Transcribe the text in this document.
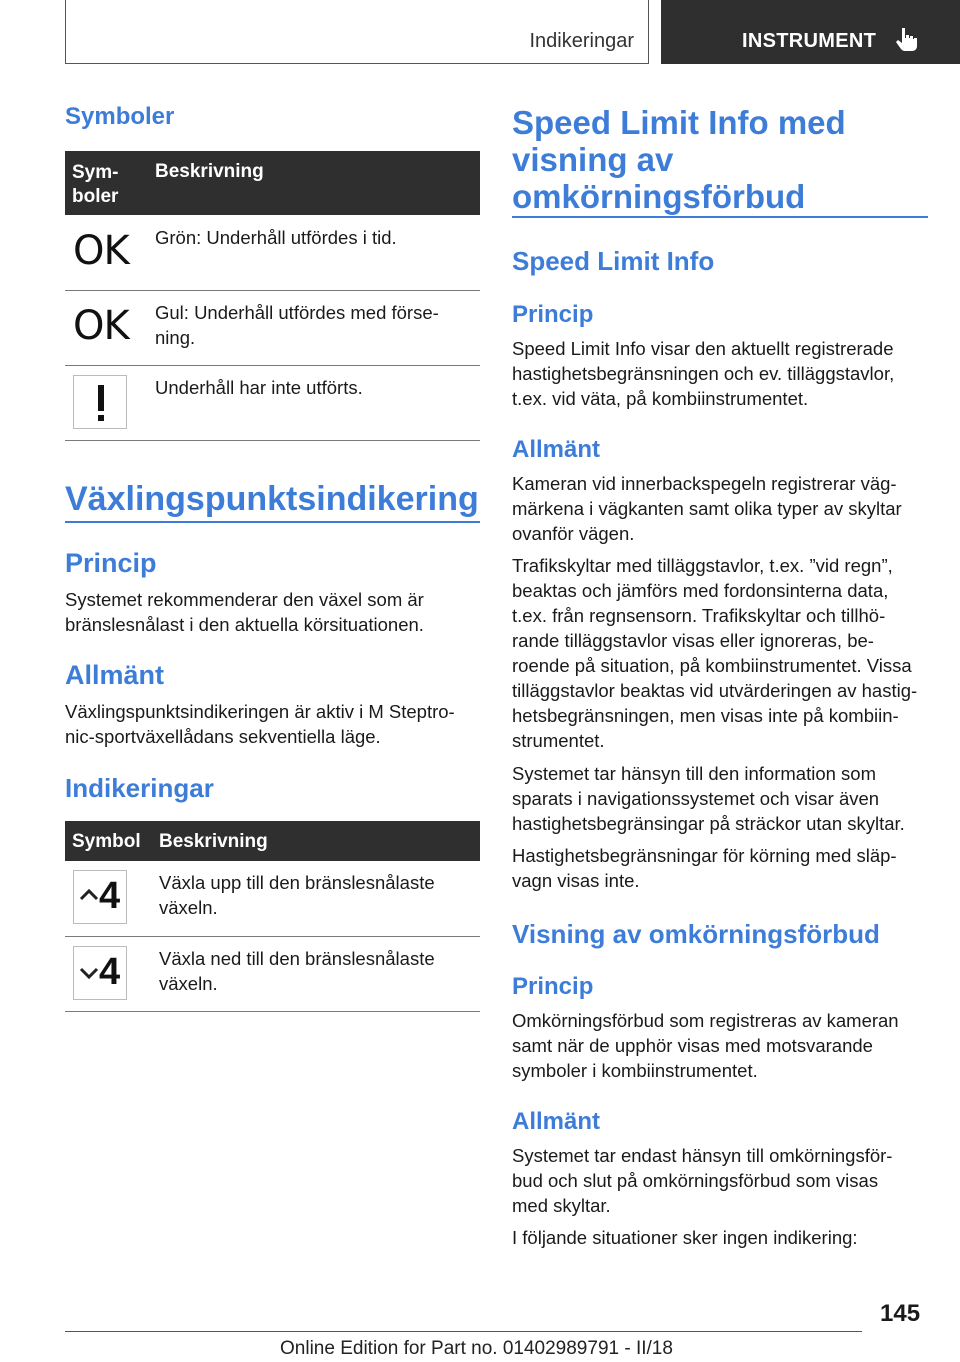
Indikeringar	INSTRUMENT
Symboler
Sym-
boler
Beskrivning
OK Grön: Underhåll utfördes i tid.
OK Gul: Underhåll utfördes med förse-
ning.
Underhåll har inte utförts.
Växlingspunktsindikering
Princip
Systemet rekommenderar den växel som är
bränslesnålast i den aktuella körsituationen.
Allmänt
Växlingspunktsindikeringen är aktiv i M Steptro-
nic-sportväxellådans sekventiella läge.
Indikeringar
Symbol Beskrivning
4 Växla upp till den bränslesnålaste
växeln.
4 Växla ned till den bränslesnålaste
växeln.
Speed Limit Info med
visning av
omkörningsförbud
Speed Limit Info
Princip
Speed Limit Info visar den aktuellt registrerade
hastighetsbegränsningen och ev. tilläggstavlor,
t.ex. vid väta, på kombiinstrumentet.
Allmänt
Kameran vid innerbackspegeln registrerar väg-
märkena i vägkanten samt olika typer av skyltar
ovanför vägen.
Trafikskyltar med tilläggstavlor, t.ex. ”vid regn”,
beaktas och jämförs med fordonsinterna data,
t.ex. från regnsensorn. Trafikskyltar och tillhö-
rande tilläggstavlor visas eller ignoreras, be-
roende på situation, på kombiinstrumentet. Vissa
tilläggstavlor beaktas vid utvärderingen av hastig-
hetsbegränsningen, men visas inte på kombiin-
strumentet.
Systemet tar hänsyn till den information som
sparats i navigationssystemet och visar även
hastighetsbegränsingar på sträckor utan skyltar.
Hastighetsbegränsningar för körning med släp-
vagn visas inte.
Visning av omkörningsförbud
Princip
Omkörningsförbud som registreras av kameran
samt när de upphör visas med motsvarande
symboler i kombiinstrumentet.
Allmänt
Systemet tar endast hänsyn till omkörningsför-
bud och slut på omkörningsförbud som visas
med skyltar.
I följande situationer sker ingen indikering:
145
Online Edition for Part no. 01402989791 - II/18
